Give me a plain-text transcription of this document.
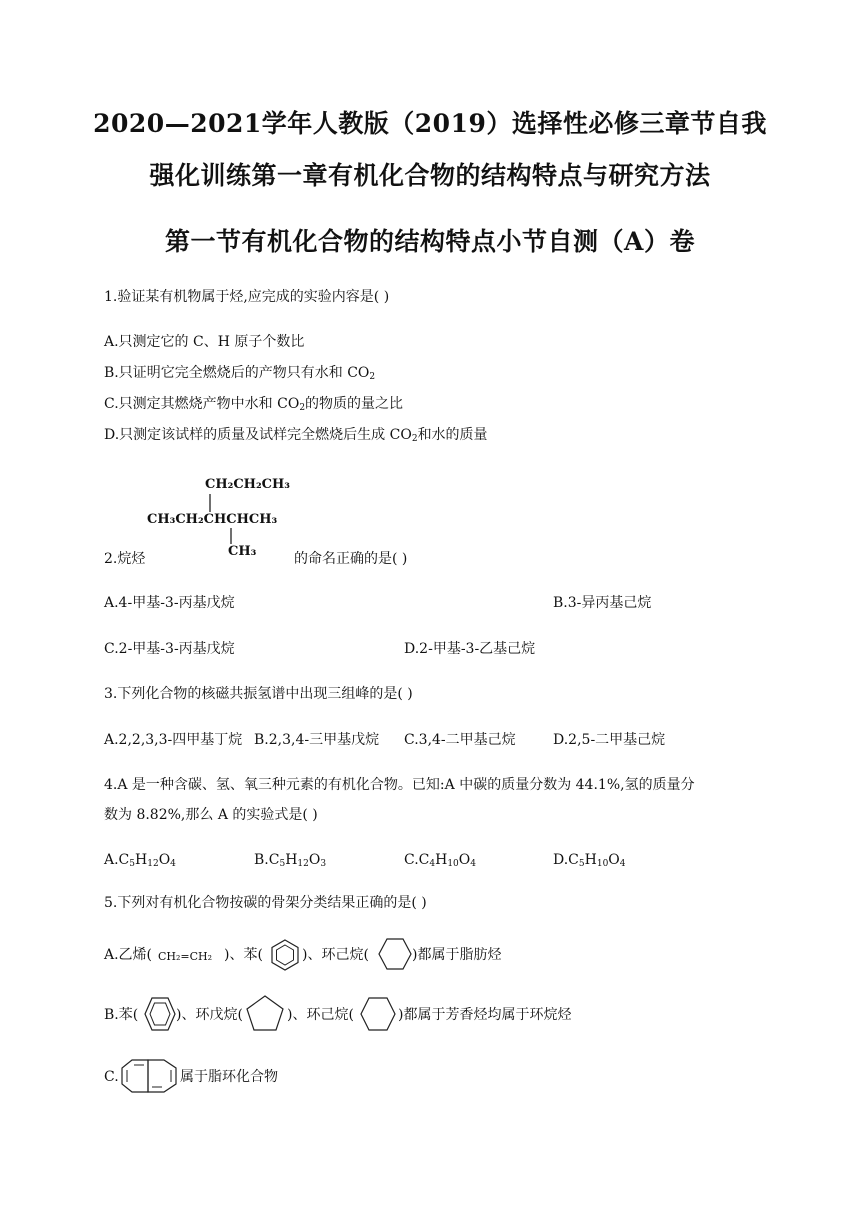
2020—2021学年人教版（2019）选择性必修三章节自我
强化训练第一章有机化合物的结构特点与研究方法
第一节有机化合物的结构特点小节自测（A）卷
1.验证某有机物属于烃,应完成的实验内容是( )
A.只测定它的 C、H 原子个数比
B.只证明它完全燃烧后的产物只有水和 $CO_2$
C.只测定其燃烧产物中水和 $CO_2$的物质的量之比
D.只测定该试样的质量及试样完全燃烧后生成 $CO_2$和水的质量
CH₂CH₂CH₃
CH₃CH₂CHCHCH₃
CH₃
2.烷烃	的命名正确的是( )
A.4-甲基-3-丙基戊烷	B.3-异丙基己烷
C.2-甲基-3-丙基戊烷	D.2-甲基-3-乙基己烷
3.下列化合物的核磁共振氢谱中出现三组峰的是( )
A.2,2,3,3-四甲基丁烷 B.2,3,4-三甲基戊烷 C.3,4-二甲基己烷	D.2,5-二甲基己烷
4.A 是一种含碳、氢、氧三种元素的有机化合物。已知:A 中碳的质量分数为 44.1%,氢的质量分
数为 8.82%,那么 A 的实验式是( )
$A.C_5H_{12}O_4$	$B.C_5H_{12}O_3$	$C.C_4H_{10}O_4$	$D.C_5H_{10}O_4$
5.下列对有机化合物按碳的骨架分类结果正确的是( )
A.乙烯( CH₂=CH₂ )、苯(	)、环己烷(	)都属于脂肪烃
B.苯(	)、环戊烷(	)、环己烷(	)都属于芳香烃均属于环烷烃
C.	属于脂环化合物
